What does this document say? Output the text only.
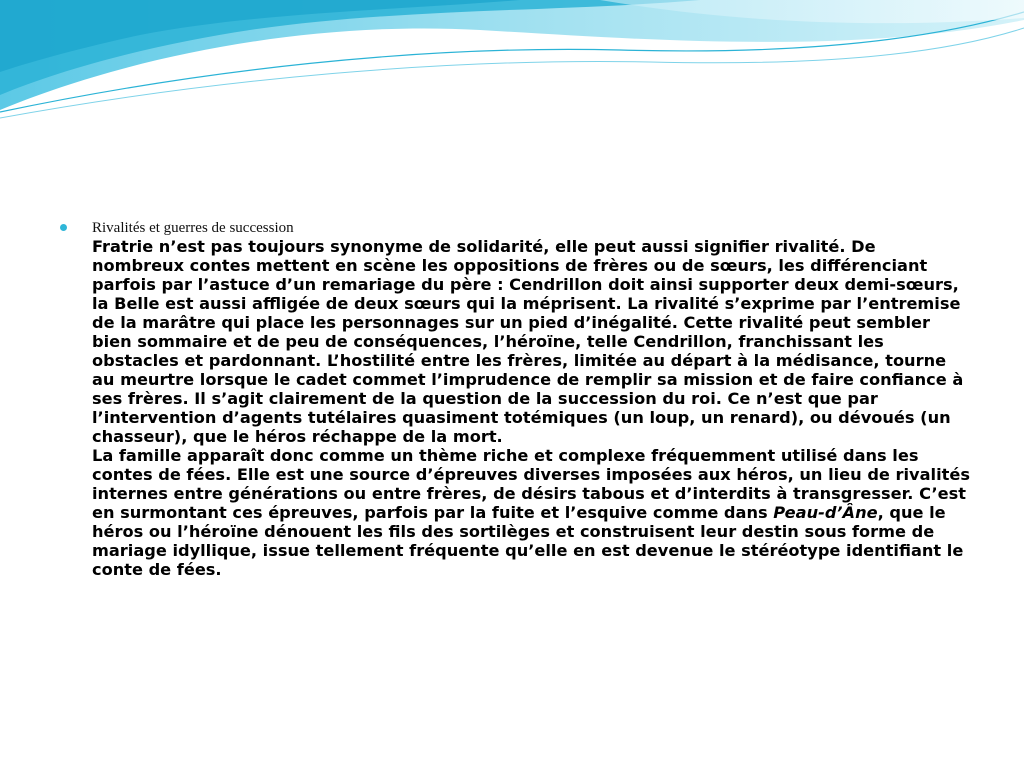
Rivalités et guerres de succession

Fratrie n’est pas toujours synonyme de solidarité, elle peut aussi signifier rivalité. De nombreux contes mettent en scène les oppositions de frères ou de sœurs, les différenciant parfois par l’astuce d’un remariage du père : Cendrillon doit ainsi supporter deux demi-sœurs, la Belle est aussi affligée de deux sœurs qui la méprisent. La rivalité s’exprime par l’entremise de la marâtre qui place les personnages sur un pied d’inégalité. Cette rivalité peut sembler bien sommaire et de peu de conséquences, l’héroïne, telle Cendrillon, franchissant les obstacles et pardonnant. L’hostilité entre les frères, limitée au départ à la médisance, tourne au meurtre lorsque le cadet commet l’imprudence de remplir sa mission et de faire confiance à ses frères. Il s’agit clairement de la question de la succession du roi. Ce n’est que par l’intervention d’agents tutélaires quasiment totémiques (un loup, un renard), ou dévoués (un chasseur), que le héros réchappe de la mort.

La famille apparaît donc comme un thème riche et complexe fréquemment utilisé dans les contes de fées. Elle est une source d’épreuves diverses imposées aux héros, un lieu de rivalités internes entre générations ou entre frères, de désirs tabous et d’interdits à transgresser. C’est en surmontant ces épreuves, parfois par la fuite et l’esquive comme dans Peau-d’Âne, que le héros ou l’héroïne dénouent les fils des sortilèges et construisent leur destin sous forme de mariage idyllique, issue tellement fréquente qu’elle en est devenue le stéréotype identifiant le conte de fées.
